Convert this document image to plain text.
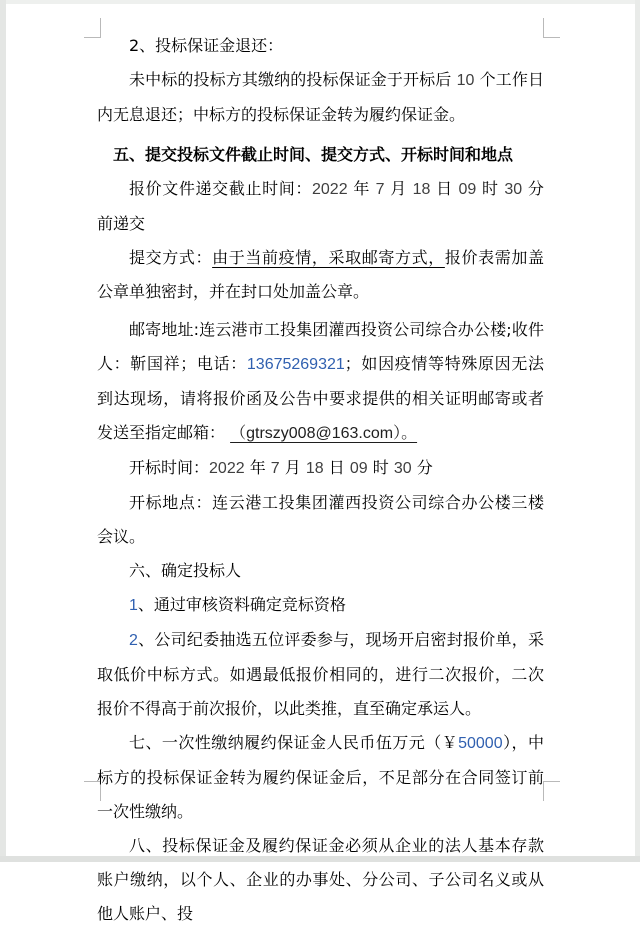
2、投标保证金退还：
未中标的投标方其缴纳的投标保证金于开标后 10 个工作日内无息退还；中标方的投标保证金转为履约保证金。
五、提交投标文件截止时间、提交方式、开标时间和地点
报价文件递交截止时间：2022 年 7 月 18 日 09 时 30 分前递交
提交方式：由于当前疫情，采取邮寄方式，报价表需加盖公章单独密封，并在封口处加盖公章。
邮寄地址:连云港市工投集团灌西投资公司综合办公楼;收件人：靳国祥；电话：13675269321；如因疫情等特殊原因无法到达现场，请将报价函及公告中要求提供的相关证明邮寄或者发送至指定邮箱： （gtrszy008@163.com）。
开标时间：2022 年 7 月 18 日 09 时 30 分
开标地点：连云港工投集团灌西投资公司综合办公楼三楼会议。
六、确定投标人
1、通过审核资料确定竞标资格
2、公司纪委抽选五位评委参与，现场开启密封报价单，采取低价中标方式。如遇最低报价相同的，进行二次报价，二次报价不得高于前次报价，以此类推，直至确定承运人。
七、一次性缴纳履约保证金人民币伍万元（￥50000），中标方的投标保证金转为履约保证金后，不足部分在合同签订前一次性缴纳。
八、投标保证金及履约保证金必须从企业的法人基本存款账户缴纳，以个人、企业的办事处、分公司、子公司名义或从他人账户、投
